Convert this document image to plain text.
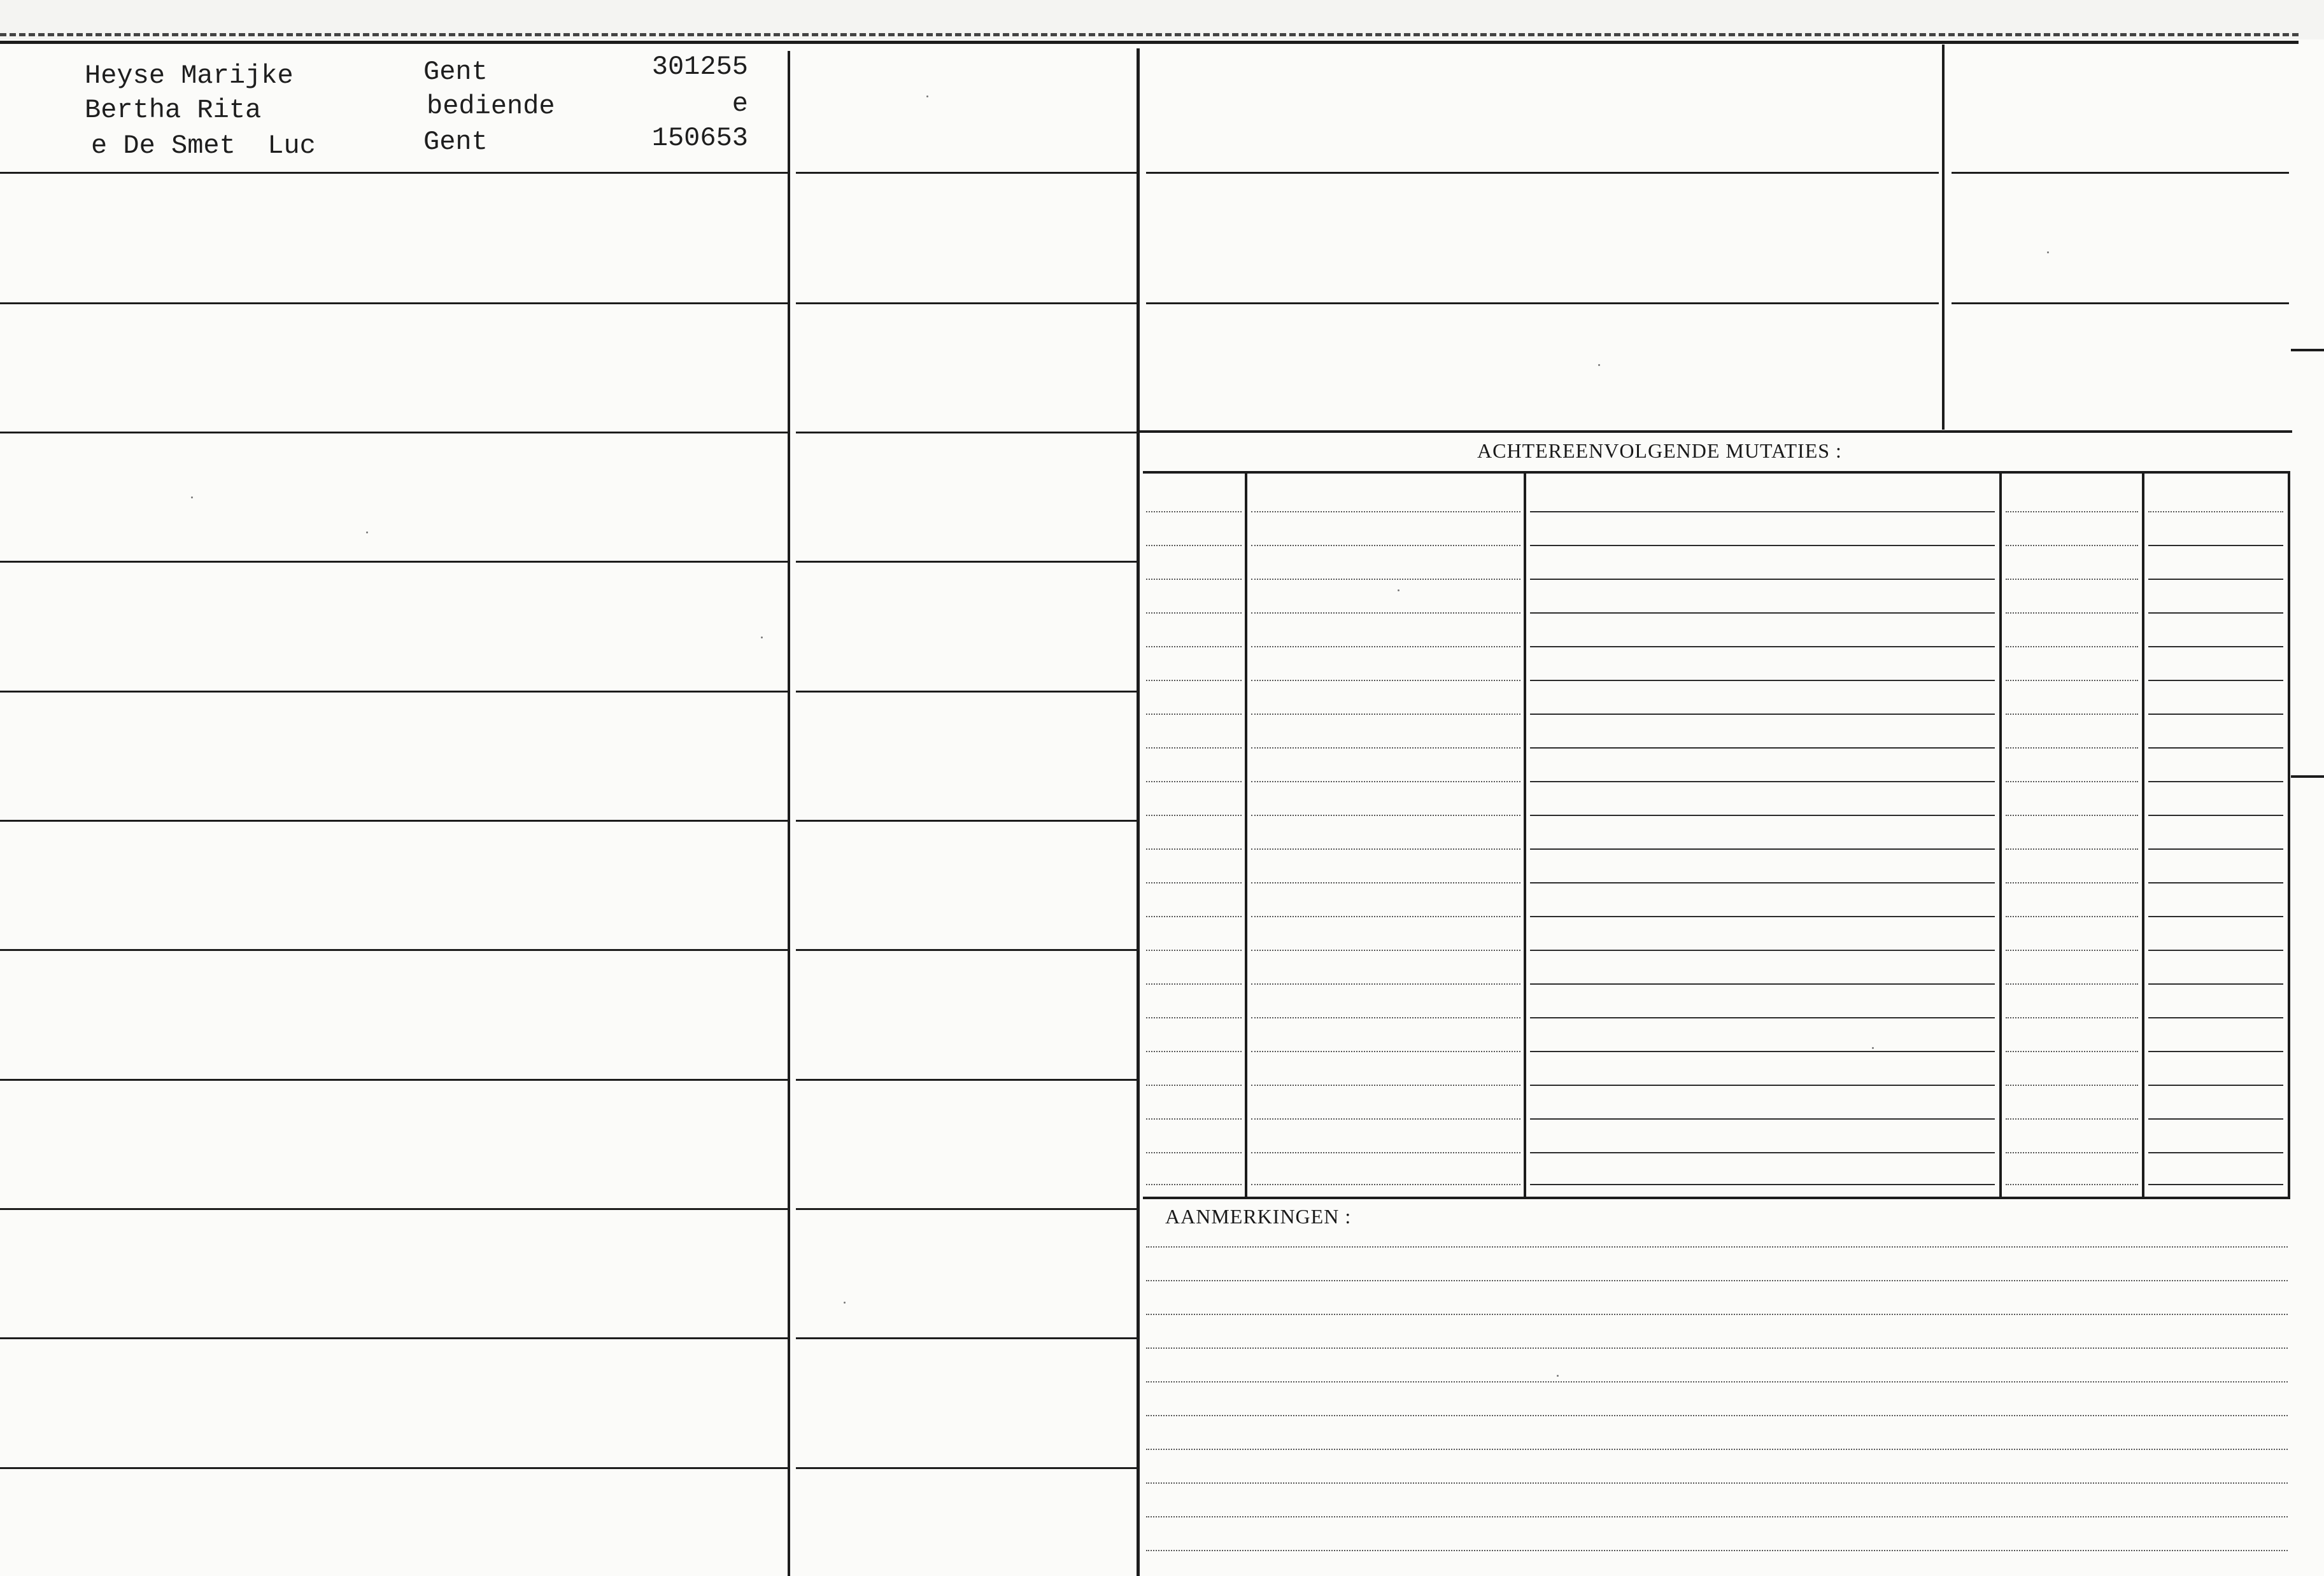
Heyse Marijke
Bertha Rita
e De Smet  Luc
Gent
bediende
Gent
301255
e
150653
ACHTEREENVOLGENDE MUTATIES :
AANMERKINGEN :
